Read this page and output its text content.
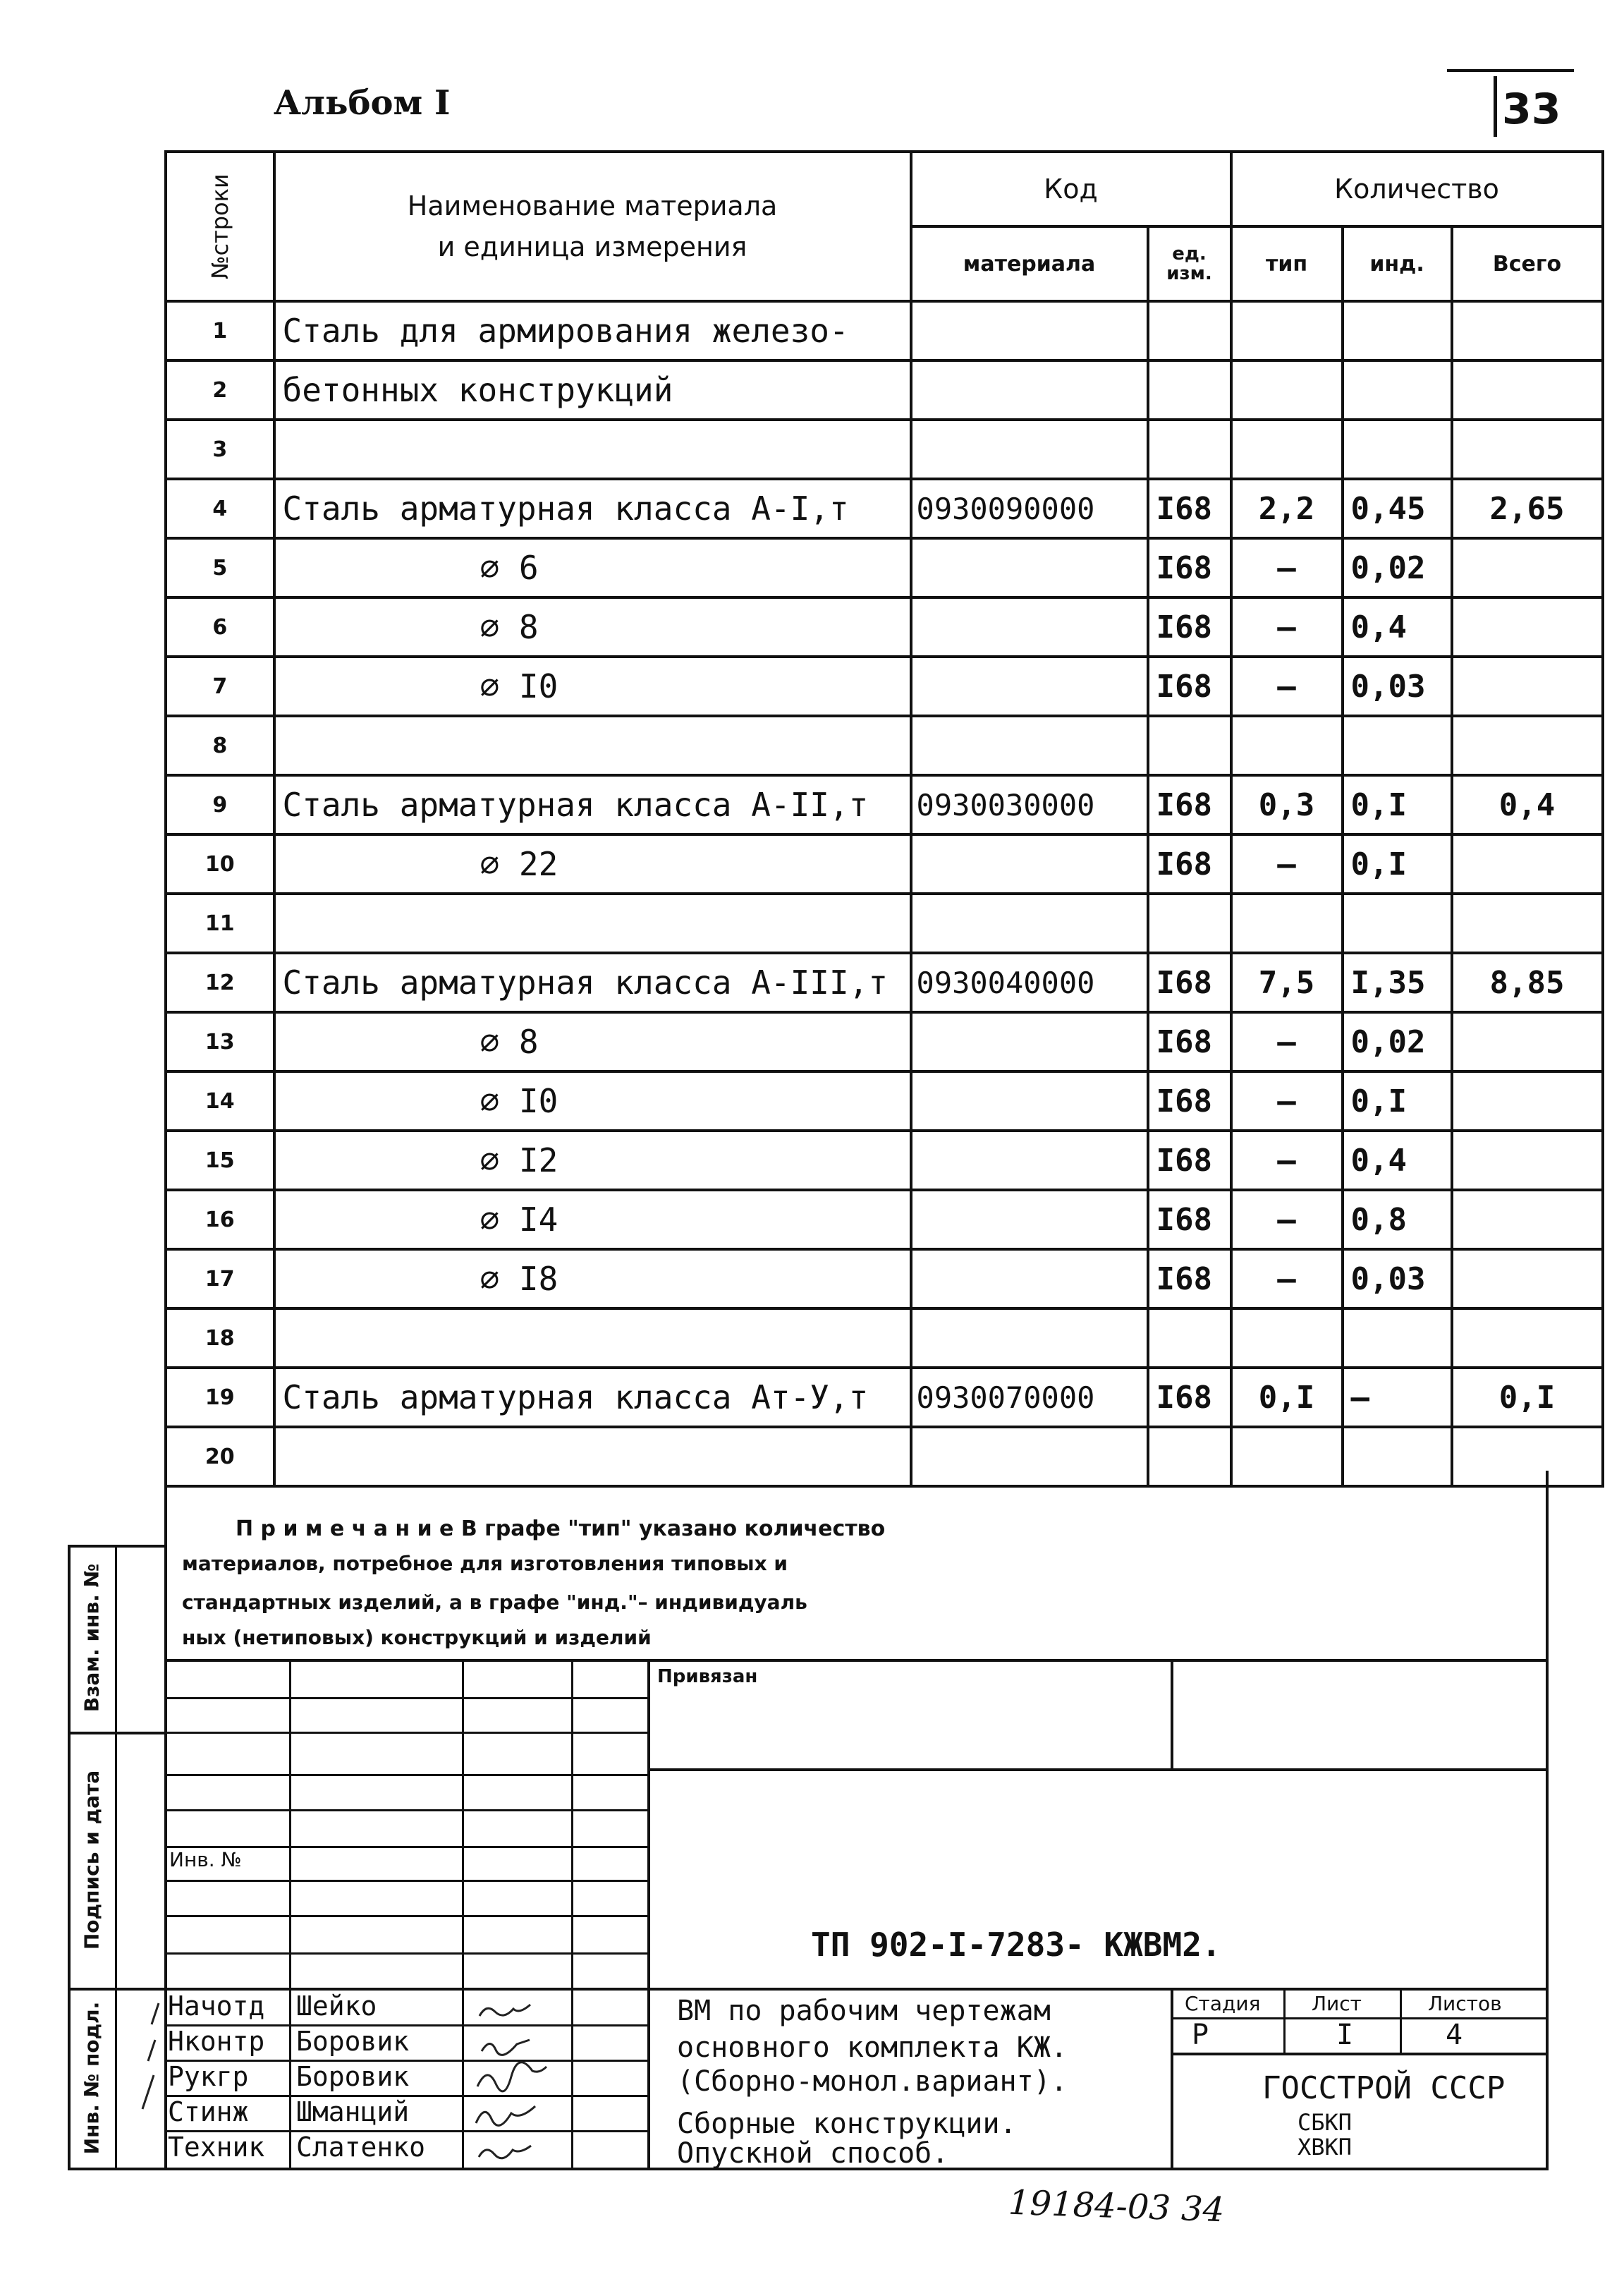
Альбом I	33
№строки	Наименование материала
и единица измерения	Код		Количество		
		материала	ед. изм.	тип	инд.	Всего
1	Сталь для армирования железо-					
2	бетонных конструкций					
3						
4	Сталь арматурная класса А-I,т	0930090000	I68	2,2	0,45	2,65
5	⌀ 6		I68	–	0,02	
6	⌀ 8		I68	–	0,4	
7	⌀ I0		I68	–	0,03	
8						
9	Сталь арматурная класса А-II,т	0930030000	I68	0,3	0,I	0,4
10	⌀ 22		I68	–	0,I	
11						
12	Сталь арматурная класса А-III,т	0930040000	I68	7,5	I,35	8,85
13	⌀ 8		I68	–	0,02	
14	⌀ I0		I68	–	0,I	
15	⌀ I2		I68	–	0,4	
16	⌀ I4		I68	–	0,8	
17	⌀ I8		I68	–	0,03	
18						
19	Сталь арматурная класса Ат-У,т	0930070000	I68	0,I	–	0,I
20						
П р и м е ч а н и е В графе "тип" указано количество
материалов, потребное для изготовления типовых и
стандартных изделий, а в графе "инд."– индивидуаль
ных (нетиповых) конструкций и изделий
Взам. инв. №
Подпись и дата
Инв. № подл.
Привязан
Инв. №
ТП 902-I-7283- КЖВМ2.
Начотд Шейко
Нконтр Боровик
Рукгр Боровик
Стинж Шманций
Техник Слатенко
ВМ по рабочим чертежам
основного комплекта КЖ.
(Сборно-монол.вариант).
Сборные конструкции.
Опускной способ.
Стадия	Лист	Листов
Р	I	4
ГОССТРОЙ СССР
СБКП
ХВКП
19184-03 34
